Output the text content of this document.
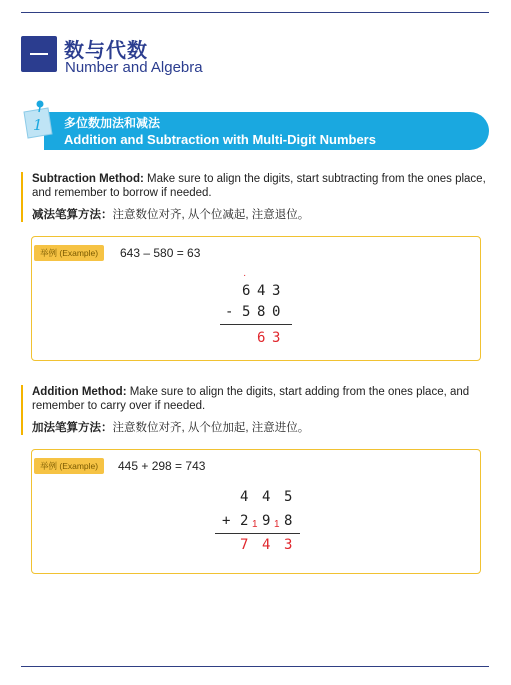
数与代数
Number and Algebra
1 多位数加法和减法
Addition and Subtraction with Multi-Digit Numbers
Subtraction Method: Make sure to align the digits, start subtracting from the ones place, and remember to borrow if needed.
减法笔算方法：注意数位对齐, 从个位减起, 注意退位。
举例 (Example)	643 – 580 = 63
·
6 4 3
- 5 8 0
6 3
Addition Method: Make sure to align the digits, start adding from the ones place, and remember to carry over if needed.
加法笔算方法：注意数位对齐, 从个位加起, 注意进位。
举例 (Example)	445 + 298 = 743
4 4 5
+ 2 1 9 1 8
7 4 3
